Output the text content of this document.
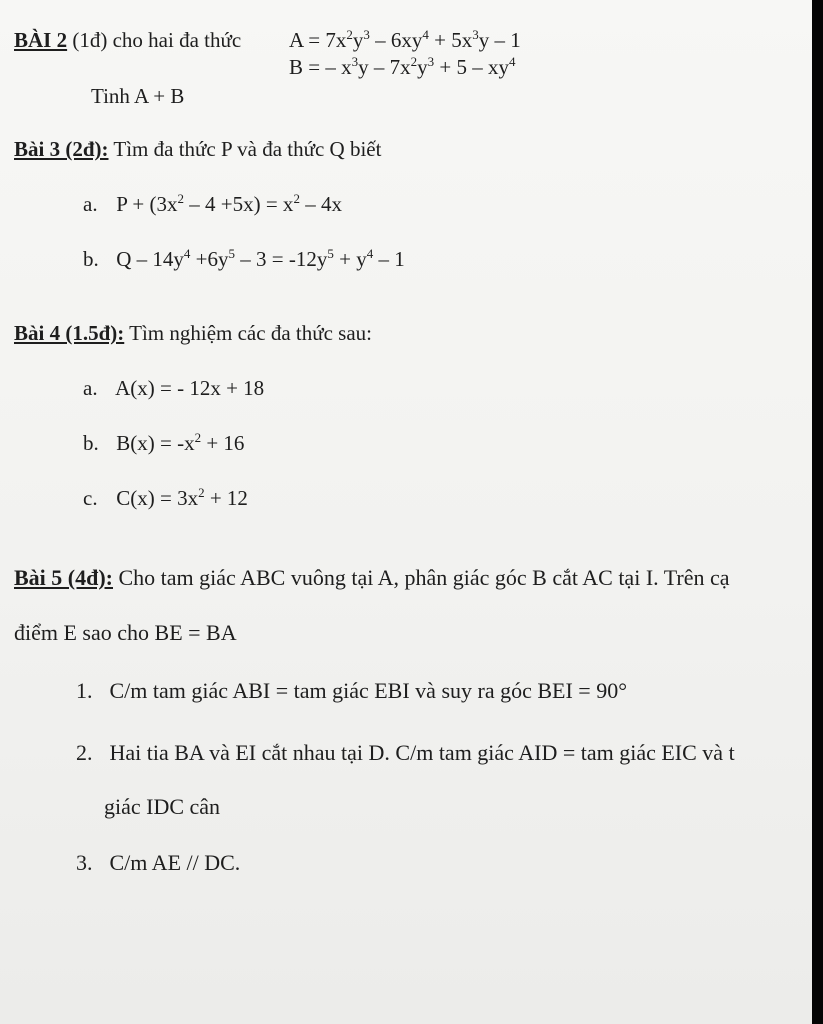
BÀI 2 (1đ) cho hai đa thức $A = 7x^2y^3 - 6xy^4 + 5x^3y - 1$
B = – $x^3y - 7x^2y^3 + 5 - xy^4$
Tinh A + B
Bài 3 (2đ): Tìm đa thức P và đa thức Q biết
a. $P + (3x^2 - 4 +5x) = x^2 - 4x$
b. $Q - 14y^4 +6y^5 - 3 = -12y^5 + y^4 - 1$
Bài 4 (1.5đ): Tìm nghiệm các đa thức sau:
a. A(x) = - 12x + 18
b. $B(x) = -x^2 + 16$
c. $C(x) = 3x^2 + 12$
Bài 5 (4đ): Cho tam giác ABC vuông tại A, phân giác góc B cắt AC tại I. Trên cạ
điểm E sao cho BE = BA
1. C/m tam giác ABI = tam giác EBI và suy ra góc BEI = 90°
2. Hai tia BA và EI cắt nhau tại D. C/m tam giác AID = tam giác EIC và t
giác IDC cân
3. C/m AE // DC.
